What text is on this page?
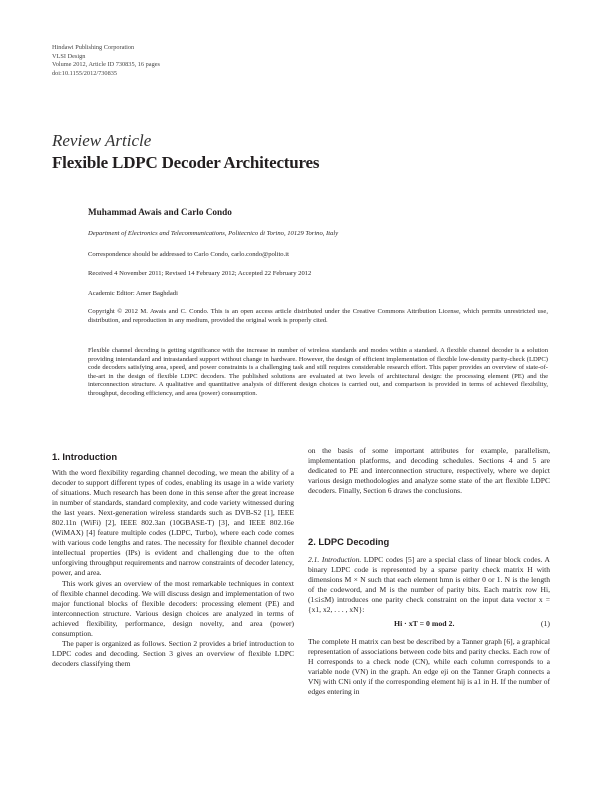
Hindawi Publishing Corporation
VLSI Design
Volume 2012, Article ID 730835, 16 pages
doi:10.1155/2012/730835
Review Article
Flexible LDPC Decoder Architectures
Muhammad Awais and Carlo Condo
Department of Electronics and Telecommunications, Politecnico di Torino, 10129 Torino, Italy
Correspondence should be addressed to Carlo Condo, carlo.condo@polito.it
Received 4 November 2011; Revised 14 February 2012; Accepted 22 February 2012
Academic Editor: Amer Baghdadi
Copyright © 2012 M. Awais and C. Condo. This is an open access article distributed under the Creative Commons Attribution License, which permits unrestricted use, distribution, and reproduction in any medium, provided the original work is properly cited.
Flexible channel decoding is getting significance with the increase in number of wireless standards and modes within a standard. A flexible channel decoder is a solution providing interstandard and intrastandard support without change in hardware. However, the design of efficient implementation of flexible low-density parity-check (LDPC) code decoders satisfying area, speed, and power constraints is a challenging task and still requires considerable research effort. This paper provides an overview of state-of-the-art in the design of flexible LDPC decoders. The published solutions are evaluated at two levels of architectural design: the processing element (PE) and the interconnection structure. A qualitative and quantitative analysis of different design choices is carried out, and comparison is provided in terms of achieved flexibility, throughput, decoding efficiency, and area (power) consumption.
1. Introduction

With the word flexibility regarding channel decoding, we mean the ability of a decoder to support different types of codes, enabling its usage in a wide variety of situations. Much research has been done in this sense after the great increase in number of standards, standard complexity, and code variety witnessed during the last years. Next-generation wireless standards such as DVB-S2 [1], IEEE 802.11n (WiFi) [2], IEEE 802.3an (10GBASE-T) [3], and IEEE 802.16e (WiMAX) [4] feature multiple codes (LDPC, Turbo), where each code comes with various code lengths and rates. The necessity for flexible channel decoder intellectual properties (IPs) is evident and challenging due to the often unforgiving throughput requirements and narrow constraints of decoder latency, power, and area.

This work gives an overview of the most remarkable techniques in context of flexible channel decoding. We will discuss design and implementation of two major functional blocks of flexible decoders: processing element (PE) and interconnection structure. Various design choices are analyzed in terms of achieved flexibility, performance, design novelty, and area (power) consumption.

The paper is organized as follows. Section 2 provides a brief introduction to LDPC codes and decoding. Section 3 gives an overview of flexible LDPC decoders classifying them

on the basis of some important attributes for example, parallelism, implementation platforms, and decoding schedules. Sections 4 and 5 are dedicated to PE and interconnection structure, respectively, where we depict various design methodologies and analyze some state of the art flexible LDPC decoders. Finally, Section 6 draws the conclusions.

2. LDPC Decoding

2.1. Introduction. LDPC codes [5] are a special class of linear block codes. A binary LDPC code is represented by a sparse parity check matrix H with dimensions M × N such that each element hmn is either 0 or 1. N is the length of the codeword, and M is the number of parity bits. Each matrix row Hi,(1≤i≤M) introduces one parity check constraint on the input data vector x = {x1, x2, . . . , xN}:

Hi · xT = 0 mod 2.	(1)

The complete H matrix can best be described by a Tanner graph [6], a graphical representation of associations between code bits and parity checks. Each row of H corresponds to a check node (CN), while each column corresponds to a variable node (VN) in the graph. An edge eji on the Tanner Graph connects a VNj with CNi only if the corresponding element hij is a1 in H. If the number of edges entering in
